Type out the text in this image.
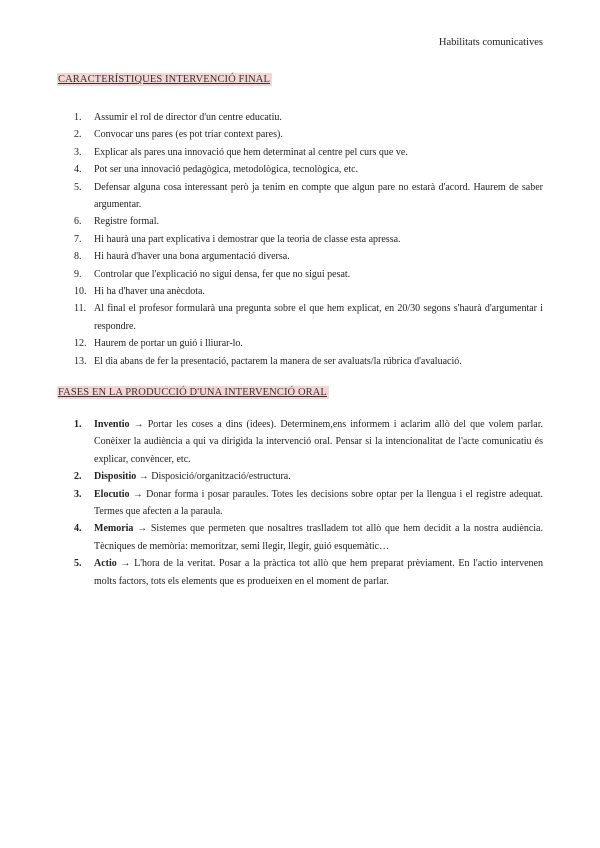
Habilitats comunicatives
CARACTERÍSTIQUES INTERVENCIÓ FINAL
1.	Assumir el rol de director d'un centre educatiu.
2.	Convocar uns pares (es pot triar context pares).
3.	Explicar als pares una innovació que hem determinat al centre pel curs que ve.
4.	Pot ser una innovació pedagògica, metodològica, tecnològica, etc.
5.	Defensar alguna cosa interessant però ja tenim en compte que algun pare no estarà d'acord. Haurem de saber argumentar.
6.	Registre formal.
7.	Hi haurà una part explicativa i demostrar que la teoria de classe esta apressa.
8.	Hi haurà d'haver una bona argumentació diversa.
9.	Controlar que l'explicació no sigui densa, fer que no sigui pesat.
10. Hi ha d'haver una anècdota.
11. Al final el profesor formularà una pregunta sobre el que hem explicat, en 20/30 segons s'haurà d'argumentar i respondre.
12. Haurem de portar un guió i lliurar-lo.
13. El dia abans de fer la presentació, pactarem la manera de ser avaluats/la rúbrica d'avaluació.
FASES EN LA PRODUCCIÓ D'UNA INTERVENCIÓ ORAL
1.	Inventio → Portar les coses a dins (idees). Determinem,ens informem i aclarim allò del que volem parlar. Conèixer la audiència a qui va dirigida la intervenció oral. Pensar si la intencionalitat de l'acte comunicatiu és explicar, convèncer, etc.
2.	Dispositio → Disposició/organització/estructura.
3.	Elocutio → Donar forma i posar paraules. Totes les decisions sobre optar per la llengua i el registre adequat. Termes que afecten a la paraula.
4.	Memoria → Sistemes que permeten que nosaltres traslladem tot allò que hem decidit a la nostra audiència. Tècniques de memòria: memoritzar, semi llegir, llegir, guió esquemàtic…
5.	Actio → L'hora de la veritat. Posar a la pràctica tot allò que hem preparat prèviament. En l'actio intervenen molts factors, tots els elements que es produeixen en el moment de parlar.
